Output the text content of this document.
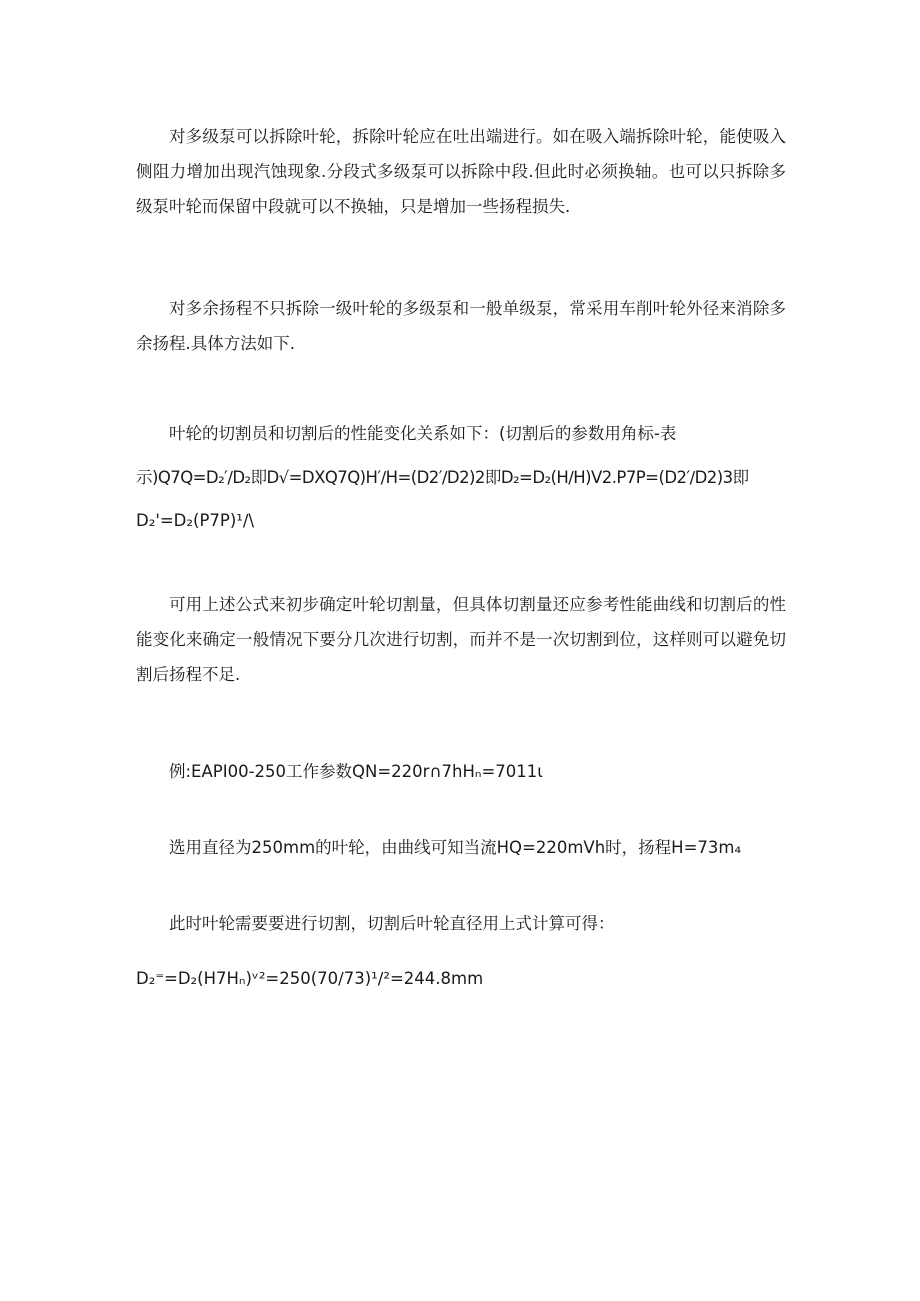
对多级泵可以拆除叶轮，拆除叶轮应在吐出端进行。如在吸入端拆除叶轮，能使吸入侧阻力增加出现汽蚀现象.分段式多级泵可以拆除中段.但此时必须换轴。也可以只拆除多级泵叶轮而保留中段就可以不换轴，只是增加一些扬程损失.

对多余扬程不只拆除一级叶轮的多级泵和一般单级泵，常采用车削叶轮外径来消除多余扬程.具体方法如下.

叶轮的切割员和切割后的性能变化关系如下：(切割后的参数用角标-表

示)Q7Q=D₂′∕D₂即D√=DXQ7Q)H′∕H=(D2′∕D2)2即D₂=D₂(H∕H)V2.P7P=(D2′∕D2)3即

D₂'=D₂(P7P)¹∕\

可用上述公式来初步确定叶轮切割量，但具体切割量还应参考性能曲线和切割后的性能变化来确定一般情况下要分几次进行切割，而并不是一次切割到位，这样则可以避免切割后扬程不足.

例:EAPI00-250工作参数QN=220r∩7hHₙ=7011ι

选用直径为250mm的叶轮，由曲线可知当流HQ=220mVh时，扬程H=73m₄

此时叶轮需要要进行切割，切割后叶轮直径用上式计算可得：

D₂⁼=D₂(H7Hₙ)ᵛ²=250(70∕73)¹∕²=244.8mm
